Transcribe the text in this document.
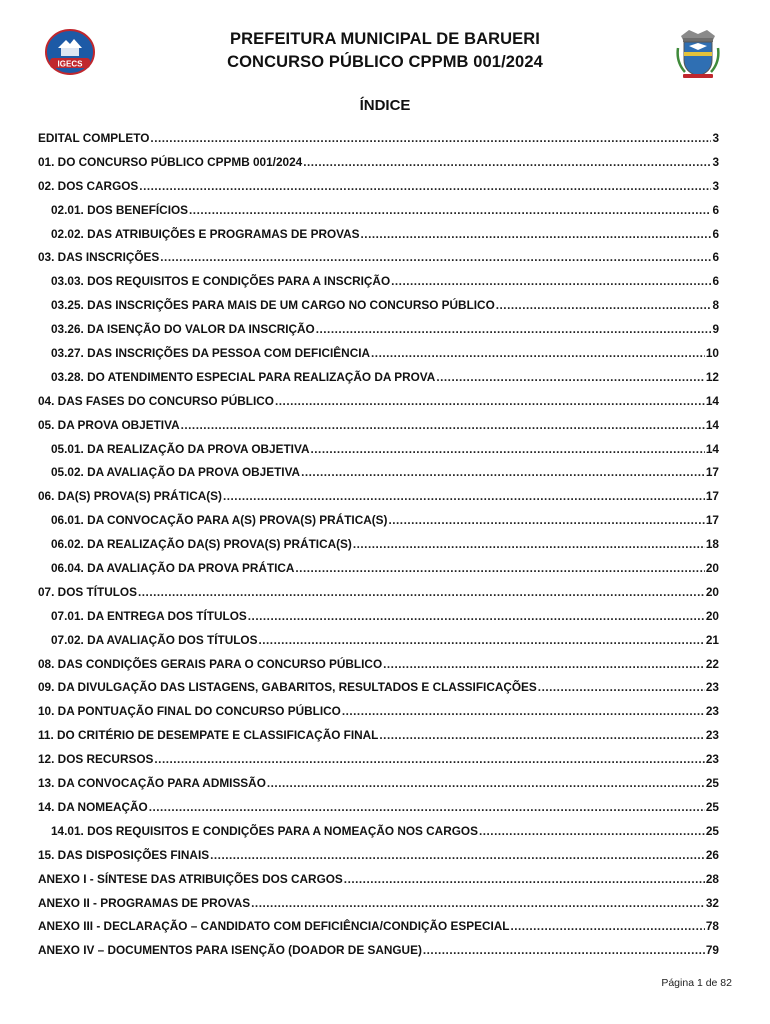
IGECS
PREFEITURA MUNICIPAL DE BARUERI
CONCURSO PÚBLICO CPPMB 001/2024
ÍNDICE
EDITAL COMPLETO .....	3
01. DO CONCURSO PÚBLICO CPPMB 001/2024 .....	3
02. DOS CARGOS .....	3
02.01. DOS BENEFÍCIOS .....	6
02.02. DAS ATRIBUIÇÕES E PROGRAMAS DE PROVAS .....	6
03. DAS INSCRIÇÕES .....	6
03.03. DOS REQUISITOS E CONDIÇÕES PARA A INSCRIÇÃO .....	6
03.25. DAS INSCRIÇÕES PARA MAIS DE UM CARGO NO CONCURSO PÚBLICO .....	8
03.26. DA ISENÇÃO DO VALOR DA INSCRIÇÃO .....	9
03.27. DAS INSCRIÇÕES DA PESSOA COM DEFICIÊNCIA .....	10
03.28. DO ATENDIMENTO ESPECIAL PARA REALIZAÇÃO DA PROVA .....	12
04. DAS FASES DO CONCURSO PÚBLICO .....	14
05. DA PROVA OBJETIVA .....	14
05.01. DA REALIZAÇÃO DA PROVA OBJETIVA .....	14
05.02. DA AVALIAÇÃO DA PROVA OBJETIVA .....	17
06. DA(S) PROVA(S) PRÁTICA(S) .....	17
06.01. DA CONVOCAÇÃO PARA A(S) PROVA(S) PRÁTICA(S) .....	17
06.02. DA REALIZAÇÃO DA(S) PROVA(S) PRÁTICA(S) .....	18
06.04. DA AVALIAÇÃO DA PROVA PRÁTICA .....	20
07. DOS TÍTULOS .....	20
07.01. DA ENTREGA DOS TÍTULOS .....	20
07.02. DA AVALIAÇÃO DOS TÍTULOS .....	21
08. DAS CONDIÇÕES GERAIS PARA O CONCURSO PÚBLICO .....	22
09. DA DIVULGAÇÃO DAS LISTAGENS, GABARITOS, RESULTADOS E CLASSIFICAÇÕES .....	23
10. DA PONTUAÇÃO FINAL DO CONCURSO PÚBLICO .....	23
11. DO CRITÉRIO DE DESEMPATE E CLASSIFICAÇÃO FINAL .....	23
12. DOS RECURSOS .....	23
13. DA CONVOCAÇÃO PARA ADMISSÃO .....	25
14. DA NOMEAÇÃO .....	25
14.01. DOS REQUISITOS E CONDIÇÕES PARA A NOMEAÇÃO NOS CARGOS .....	25
15. DAS DISPOSIÇÕES FINAIS .....	26
ANEXO I - SÍNTESE DAS ATRIBUIÇÕES DOS CARGOS .....	28
ANEXO II - PROGRAMAS DE PROVAS .....	32
ANEXO III - DECLARAÇÃO – CANDIDATO COM DEFICIÊNCIA/CONDIÇÃO ESPECIAL .....	78
ANEXO IV – DOCUMENTOS PARA ISENÇÃO (DOADOR DE SANGUE) .....	79
Página 1 de 82
